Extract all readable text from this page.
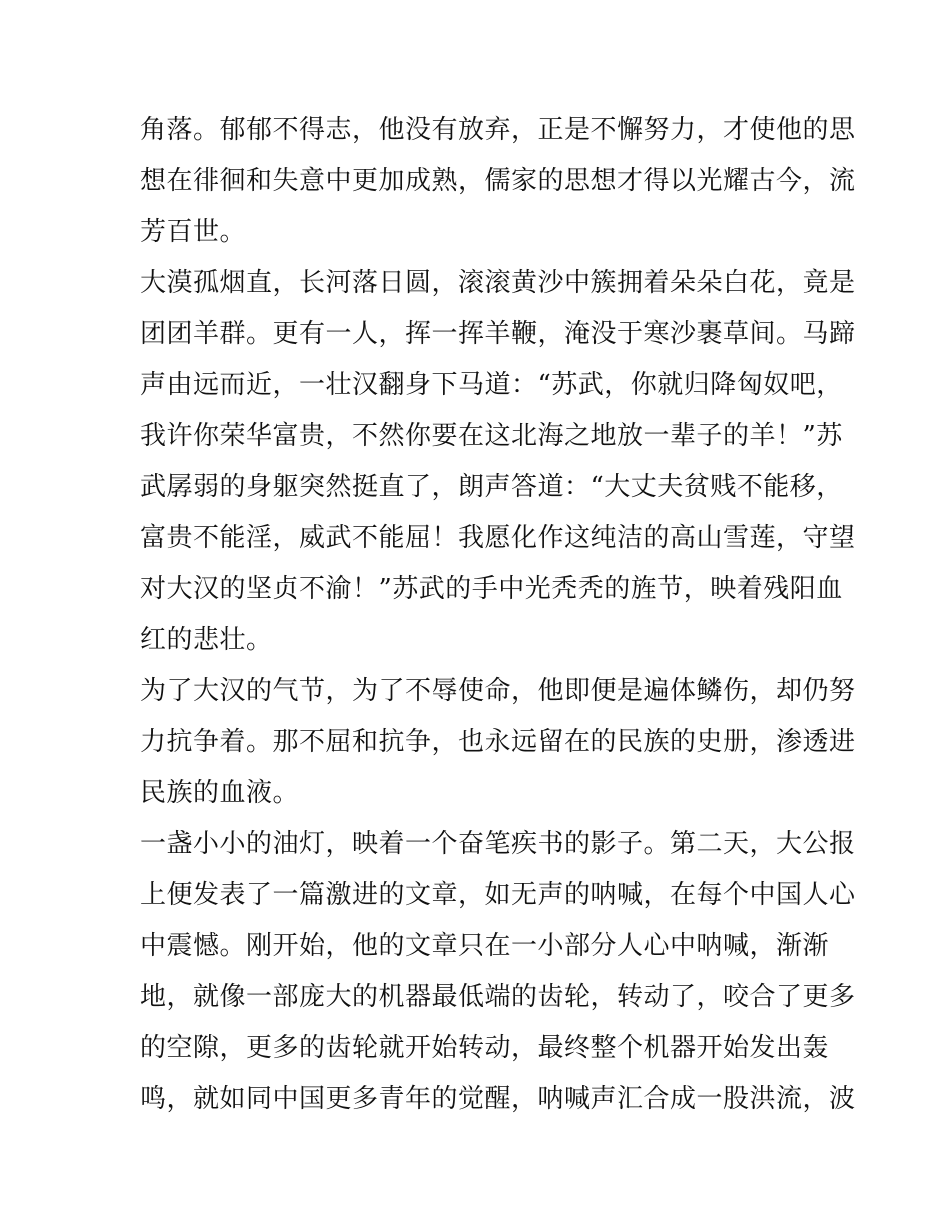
角落。郁郁不得志，他没有放弃，正是不懈努力，才使他的思

想在徘徊和失意中更加成熟，儒家的思想才得以光耀古今，流

芳百世。

大漠孤烟直，长河落日圆，滚滚黄沙中簇拥着朵朵白花，竟是

团团羊群。更有一人，挥一挥羊鞭，淹没于寒沙裹草间。马蹄

声由远而近，一壮汉翻身下马道：“苏武，你就归降匈奴吧，

我许你荣华富贵，不然你要在这北海之地放一辈子的羊！”苏

武孱弱的身躯突然挺直了，朗声答道：“大丈夫贫贱不能移，

富贵不能淫，威武不能屈！我愿化作这纯洁的高山雪莲，守望

对大汉的坚贞不渝！”苏武的手中光秃秃的旌节，映着残阳血

红的悲壮。

为了大汉的气节，为了不辱使命，他即便是遍体鳞伤，却仍努

力抗争着。那不屈和抗争，也永远留在的民族的史册，渗透进

民族的血液。

一盏小小的油灯，映着一个奋笔疾书的影子。第二天，大公报

上便发表了一篇激进的文章，如无声的呐喊，在每个中国人心

中震憾。刚开始，他的文章只在一小部分人心中呐喊，渐渐

地，就像一部庞大的机器最低端的齿轮，转动了，咬合了更多

的空隙，更多的齿轮就开始转动，最终整个机器开始发出轰

鸣，就如同中国更多青年的觉醒，呐喊声汇合成一股洪流，波
